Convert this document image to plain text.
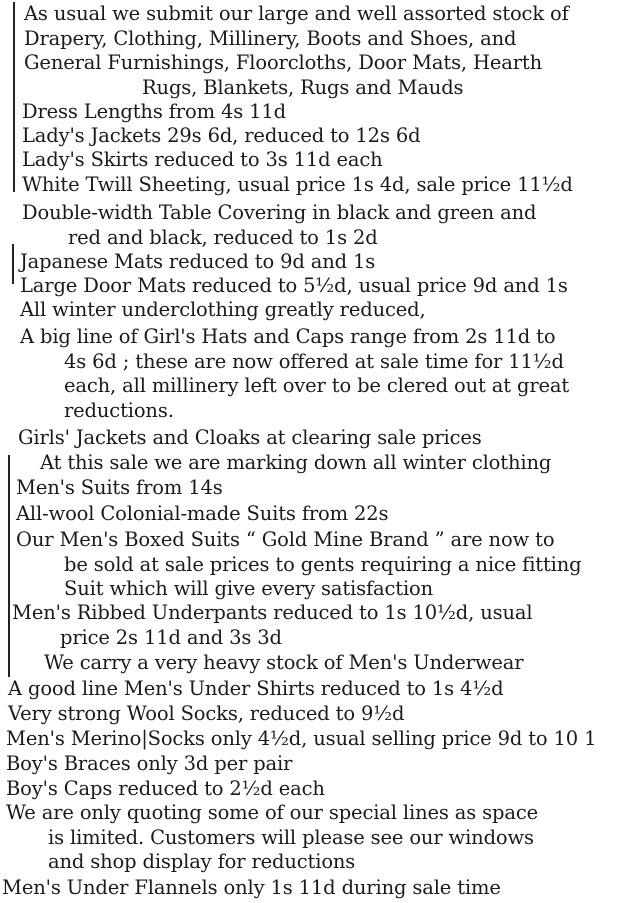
As usual we submit our large and well assorted stock of
Drapery, Clothing, Millinery, Boots and Shoes, and
General Furnishings, Floorcloths, Door Mats, Hearth
Rugs, Blankets, Rugs and Mauds
Dress Lengths from 4s 11d
Lady's Jackets 29s 6d, reduced to 12s 6d
Lady's Skirts reduced to 3s 11d each
White Twill Sheeting, usual price 1s 4d, sale price 11½d
Double-width Table Covering in black and green and
red and black, reduced to 1s 2d
Japanese Mats reduced to 9d and 1s
Large Door Mats reduced to 5½d, usual price 9d and 1s
All winter underclothing greatly reduced,
A big line of Girl's Hats and Caps range from 2s 11d to
4s 6d ; these are now offered at sale time for 11½d
each, all millinery left over to be clered out at great
reductions.
Girls' Jackets and Cloaks at clearing sale prices
At this sale we are marking down all winter clothing
Men's Suits from 14s
All-wool Colonial-made Suits from 22s
Our Men's Boxed Suits “ Gold Mine Brand ” are now to
be sold at sale prices to gents requiring a nice fitting
Suit which will give every satisfaction
Men's Ribbed Underpants reduced to 1s 10½d, usual
price 2s 11d and 3s 3d
We carry a very heavy stock of Men's Underwear
A good line Men's Under Shirts reduced to 1s 4½d
Very strong Wool Socks, reduced to 9½d
Men's Merino|Socks only 4½d, usual selling price 9d to 10 1
Boy's Braces only 3d per pair
Boy's Caps reduced to 2½d each
We are only quoting some of our special lines as space
is limited. Customers will please see our windows
and shop display for reductions
Men's Under Flannels only 1s 11d during sale time
